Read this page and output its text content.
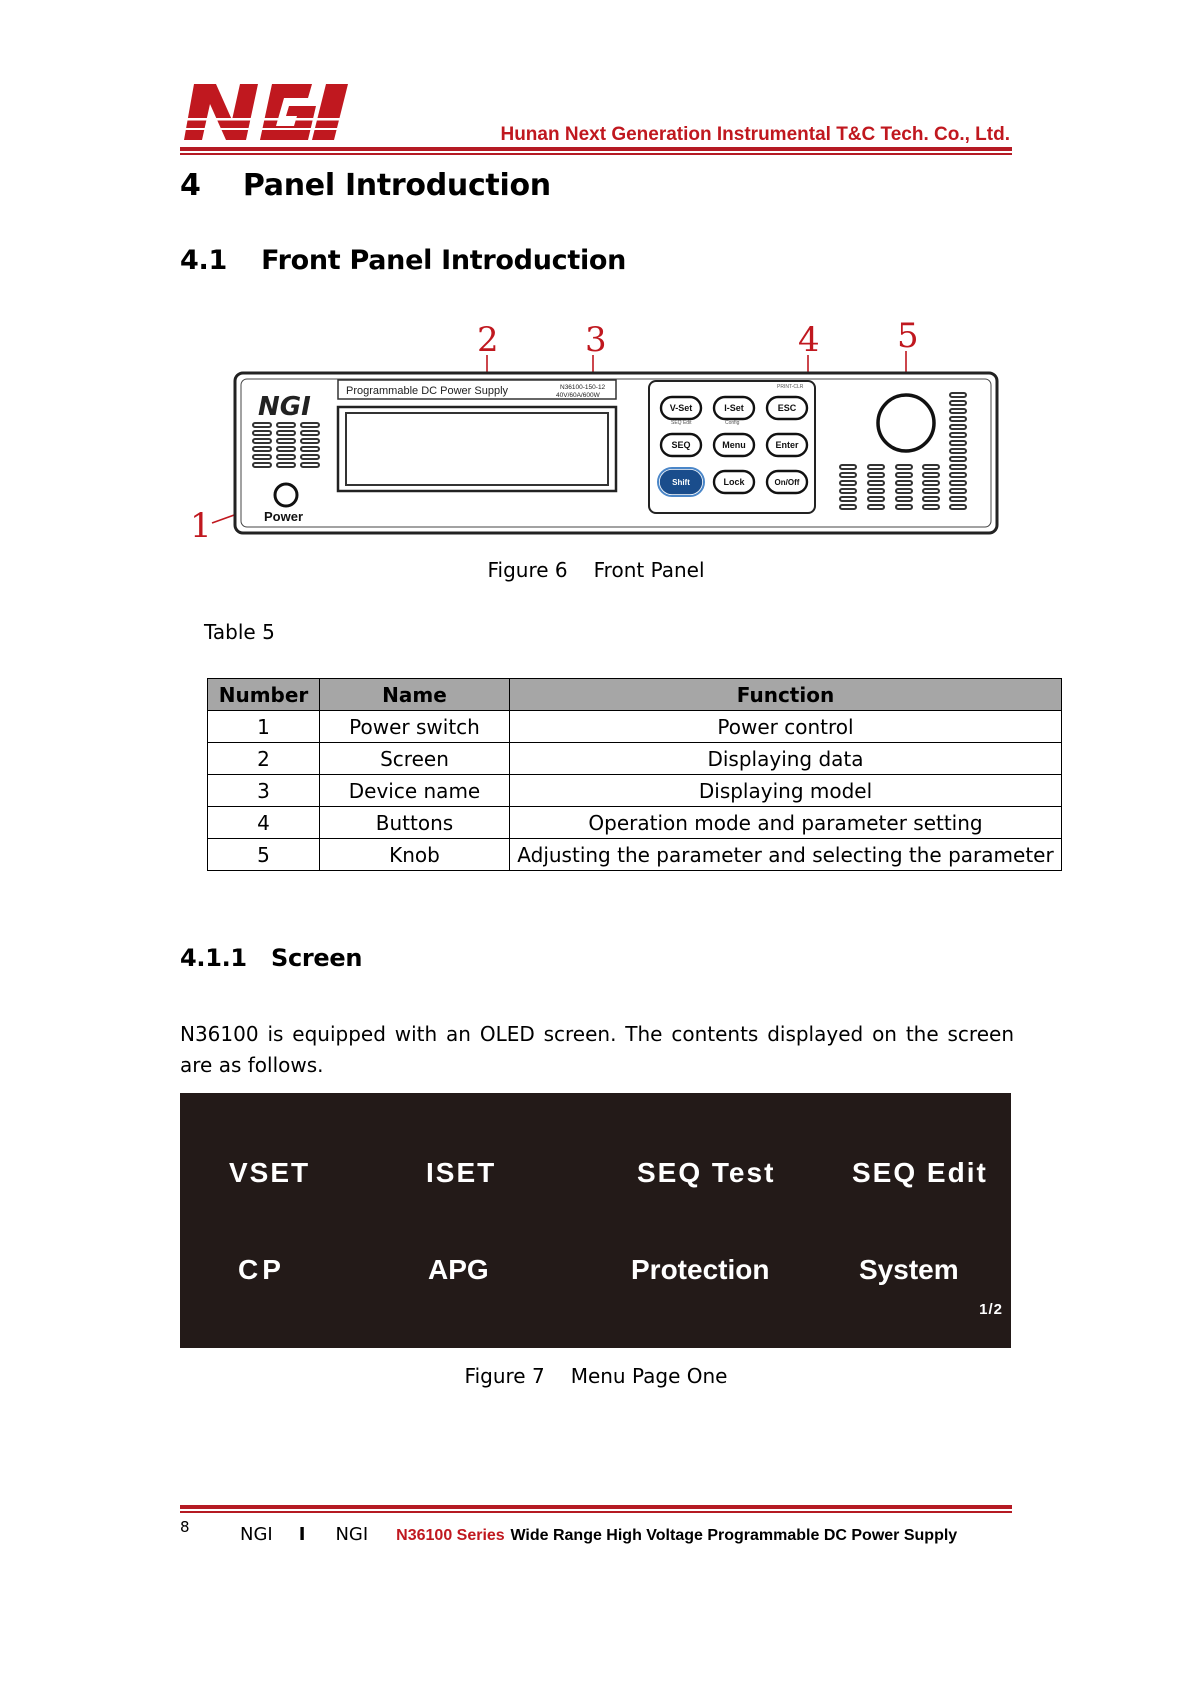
Hunan Next Generation Instrumental T&C Tech. Co., Ltd.
4 Panel Introduction
4.1 Front Panel Introduction
1
2	3	4 5
NGI
Power
Programmable DC Power Supply	N36100-150-12
40V/60A/600W
PRINT-CLR
SEQ Edit	Config
V-Set	I-Set	ESC
SEQ	Menu	Enter
Shift	Lock	On/Off
Figure 6 Front Panel
Table 5
Number	Name	Function
1	Power switch	Power control
2	Screen	Displaying data
3	Device name	Displaying model
4	Buttons	Operation mode and parameter setting
5	Knob	Adjusting the parameter and selecting the parameter
4.1.1 Screen
N36100 is equipped with an OLED screen. The contents displayed on the screen are as follows.
VSET	ISET	SEQ Test	SEQ Edit
CP	APG	Protection	System
1/2
Figure 7 Menu Page One
8	NGI I NGI N36100 Series Wide Range High Voltage Programmable DC Power Supply
